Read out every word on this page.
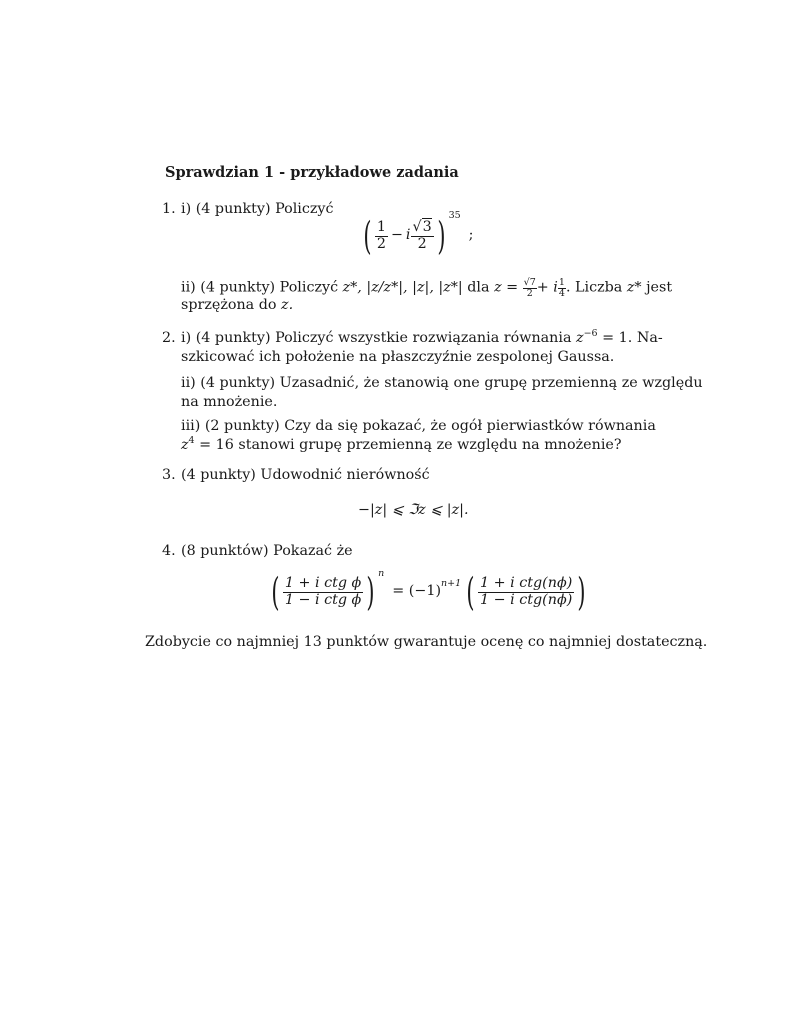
Sprawdzian 1 - przykładowe zadania
1. i) (4 punkty) Policzyć
( $\frac{1}{2} - i \frac{√3}{2}$ ) 35
;
ii) (4 punkty) Policzyć z*, |z/z*|, |z|, |z*| dla $z = \frac{√7}{2} + i \frac{1}{4}$ . Liczba z* jest
sprzężona do z.
2. i) (4 punkty) Policzyć wszystkie rozwiązania równania $z^{-6} = 1$. Na-
szkicować ich położenie na płaszczyźnie zespolonej Gaussa.
ii) (4 punkty) Uzasadnić, że stanowią one grupę przemienną ze względu
na mnożenie.
iii) (2 punkty) Czy da się pokazać, że ogół pierwiastków równania
$z^4 = 16$ stanowi grupę przemienną ze względu na mnożenie?
3. (4 punkty) Udowodnić nierówność
−|z| ⩽ ℑz ⩽ |z|.
4. (8 punktów) Pokazać że
( $\frac{\text{1 + i ctg ϕ}}{\text{1 − i ctg ϕ}}$ ) n
= (−1) n+1 ( $\frac{\text{1 + i ctg(nϕ)}}{\text{1 − i ctg(nϕ)}}$ )
Zdobycie co najmniej 13 punktów gwarantuje ocenę co najmniej dostateczną.
